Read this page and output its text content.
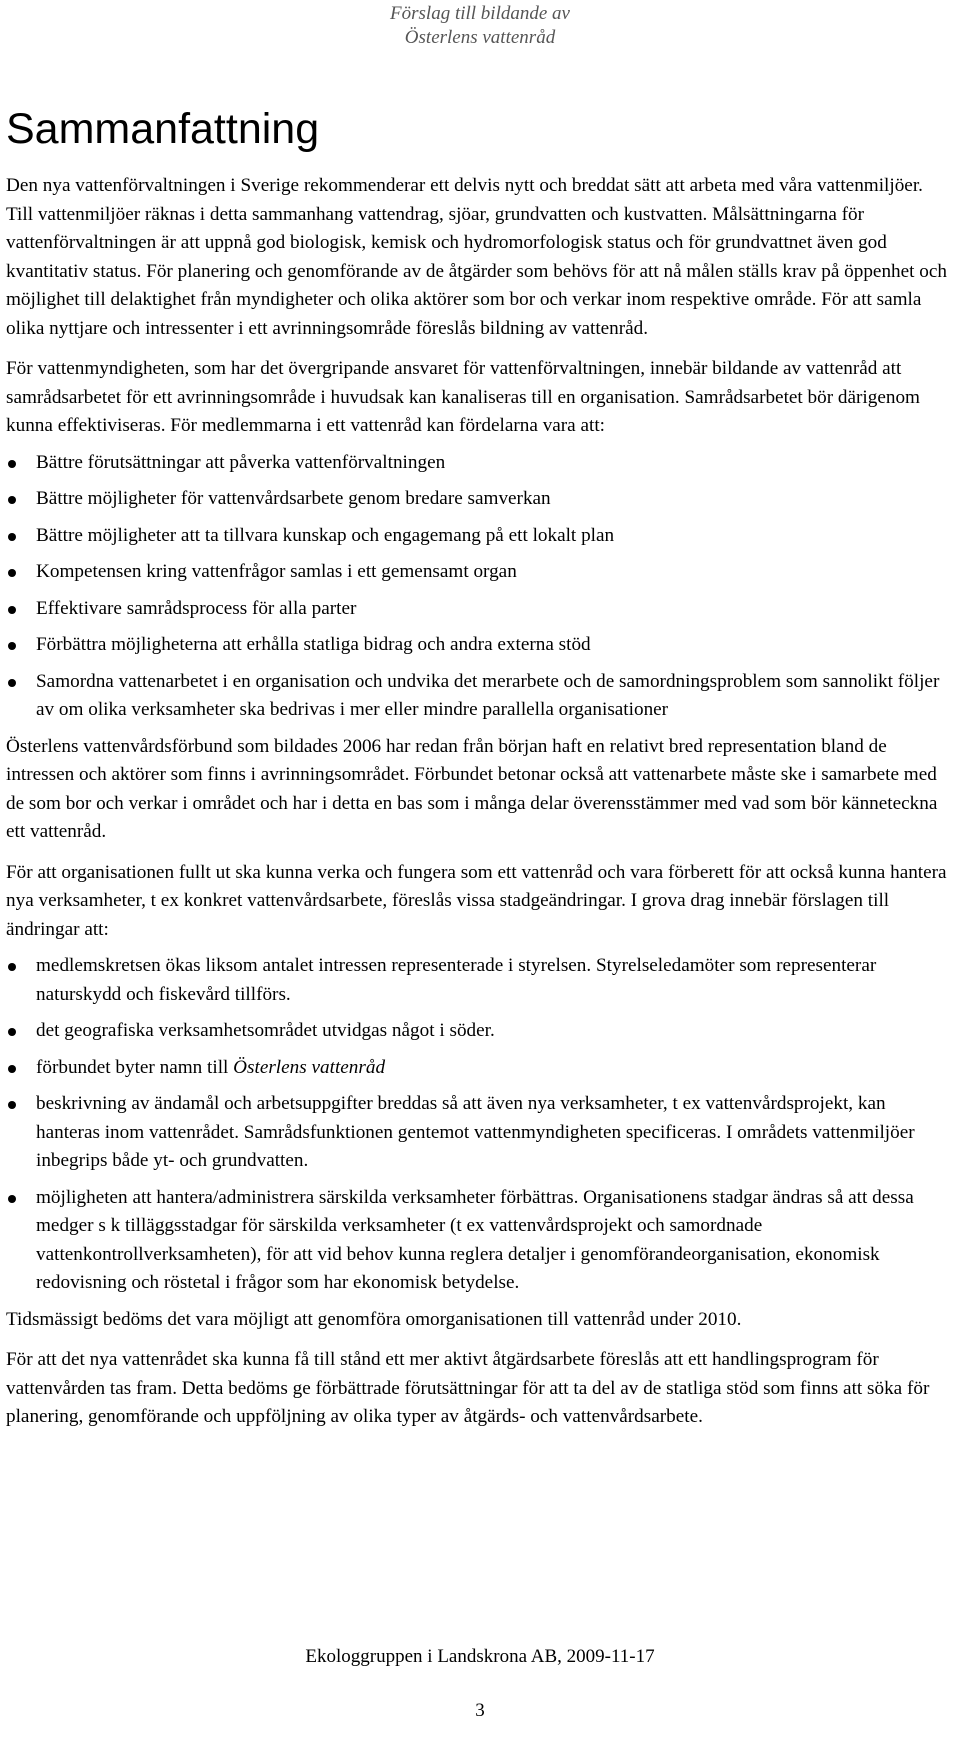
Förslag till bildande av
Österlens vattenråd
Sammanfattning

Den nya vattenförvaltningen i Sverige rekommenderar ett delvis nytt och breddat sätt att arbeta med våra vattenmiljöer. Till vattenmiljöer räknas i detta sammanhang vattendrag, sjöar, grundvatten och kustvatten. Målsättningarna för vattenförvaltningen är att uppnå god biologisk, kemisk och hydromorfologisk status och för grundvattnet även god kvantitativ status. För planering och genomförande av de åtgärder som behövs för att nå målen ställs krav på öppenhet och möjlighet till delaktighet från myndigheter och olika aktörer som bor och verkar inom respektive område. För att samla olika nyttjare och intressenter i ett avrinningsområde föreslås bildning av vattenråd.

För vattenmyndigheten, som har det övergripande ansvaret för vattenförvaltningen, innebär bildande av vattenråd att samrådsarbetet för ett avrinningsområde i huvudsak kan kanaliseras till en organisation. Samrådsarbetet bör därigenom kunna effektiviseras. För medlemmarna i ett vattenråd kan fördelarna vara att:

Bättre förutsättningar att påverka vattenförvaltningen
Bättre möjligheter för vattenvårdsarbete genom bredare samverkan
Bättre möjligheter att ta tillvara kunskap och engagemang på ett lokalt plan
Kompetensen kring vattenfrågor samlas i ett gemensamt organ
Effektivare samrådsprocess för alla parter
Förbättra möjligheterna att erhålla statliga bidrag och andra externa stöd
Samordna vattenarbetet i en organisation och undvika det merarbete och de samordningsproblem som sannolikt följer av om olika verksamheter ska bedrivas i mer eller mindre parallella organisationer

Österlens vattenvårdsförbund som bildades 2006 har redan från början haft en relativt bred representation bland de intressen och aktörer som finns i avrinningsområdet. Förbundet betonar också att vattenarbete måste ske i samarbete med de som bor och verkar i området och har i detta en bas som i många delar överensstämmer med vad som bör känneteckna ett vattenråd.

För att organisationen fullt ut ska kunna verka och fungera som ett vattenråd och vara förberett för att också kunna hantera nya verksamheter, t ex konkret vattenvårdsarbete, föreslås vissa stadgeändringar. I grova drag innebär förslagen till ändringar att:

medlemskretsen ökas liksom antalet intressen representerade i styrelsen. Styrelseledamöter som representerar naturskydd och fiskevård tillförs.
det geografiska verksamhetsområdet utvidgas något i söder.
förbundet byter namn till Österlens vattenråd
beskrivning av ändamål och arbetsuppgifter breddas så att även nya verksamheter, t ex vattenvårdsprojekt, kan hanteras inom vattenrådet. Samrådsfunktionen gentemot vattenmyndigheten specificeras. I områdets vattenmiljöer inbegrips både yt- och grundvatten.
möjligheten att hantera/administrera särskilda verksamheter förbättras. Organisationens stadgar ändras så att dessa medger s k tilläggsstadgar för särskilda verksamheter (t ex vattenvårdsprojekt och samordnade vattenkontrollverksamheten), för att vid behov kunna reglera detaljer i genomförandeorganisation, ekonomisk redovisning och röstetal i frågor som har ekonomisk betydelse.

Tidsmässigt bedöms det vara möjligt att genomföra omorganisationen till vattenråd under 2010.

För att det nya vattenrådet ska kunna få till stånd ett mer aktivt åtgärdsarbete föreslås att ett handlingsprogram för vattenvården tas fram. Detta bedöms ge förbättrade förutsättningar för att ta del av de statliga stöd som finns att söka för planering, genomförande och uppföljning av olika typer av åtgärds- och vattenvårdsarbete.

Ekologgruppen i Landskrona AB, 2009-11-17
3
